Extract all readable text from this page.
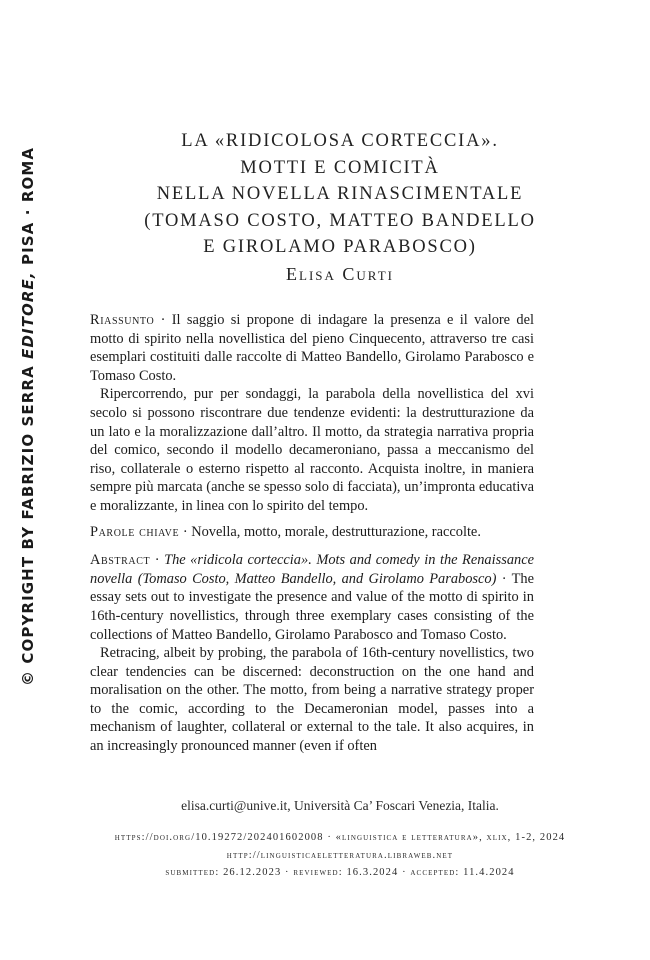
© COPYRIGHT BY FABRIZIO SERRA EDITORE, PISA · ROMA
LA «RIDICOLOSA CORTECCIA».
MOTTI E COMICITÀ
NELLA NOVELLA RINASCIMENTALE
(TOMASO COSTO, MATTEO BANDELLO
E GIROLAMO PARABOSCO)
Elisa Curti

Riassunto · Il saggio si propone di indagare la presenza e il valore del motto di spirito nella novellistica del pieno Cinquecento, attraverso tre casi esemplari costituiti dalle raccolte di Matteo Bandello, Girolamo Parabosco e Tomaso Costo.

Ripercorrendo, pur per sondaggi, la parabola della novellistica del xvi secolo si possono riscontrare due tendenze evidenti: la destrutturazione da un lato e la moralizzazione dall’altro. Il motto, da strategia narrativa propria del comico, secondo il modello decameroniano, passa a meccanismo del riso, collaterale o esterno rispetto al racconto. Acquista inoltre, in maniera sempre più marcata (anche se spesso solo di facciata), un’impronta educativa e moralizzante, in linea con lo spirito del tempo.

Parole chiave · Novella, motto, morale, destrutturazione, raccolte.

Abstract · The «ridicola corteccia». Mots and comedy in the Renaissance novella (Tomaso Costo, Matteo Bandello, and Girolamo Parabosco) · The essay sets out to investigate the presence and value of the motto di spirito in 16th-century novellistics, through three exemplary cases consisting of the collections of Matteo Bandello, Girolamo Parabosco and Tomaso Costo.

Retracing, albeit by probing, the parabola of 16th-century novellistics, two clear tendencies can be discerned: deconstruction on the one hand and moralisation on the other. The motto, from being a narrative strategy proper to the comic, according to the Decameronian model, passes into a mechanism of laughter, collateral or external to the tale. It also acquires, in an increasingly pronounced manner (even if often

elisa.curti@unive.it, Università Ca’ Foscari Venezia, Italia.
https://doi.org/10.19272/202401602008 · «linguistica e letteratura», xlix, 1-2, 2024
http://linguisticaeletteratura.libraweb.net
submitted: 26.12.2023 · reviewed: 16.3.2024 · accepted: 11.4.2024
